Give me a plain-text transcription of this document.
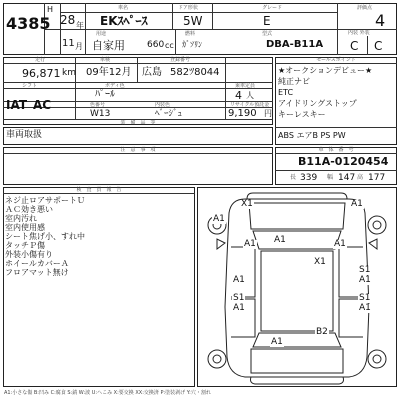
4385
H
28 年
11 月
車名
EKｽﾍﾟｰｽ
ドア形状
5W
グレード
E
評価点
4
用途
自家用 660 cc
燃料
ｶﾞｿﾘﾝ
型式
DBA-B11A
内装 外装
C C
走行	車検	登録番号
96,871 km 09年12月 広島 582ﾂ8044
ボディ色	乗車定員
ﾊﾟｰﾙ	4 人
シフト
IAT AC	色番号	内装色	リサイクル預託金
W13	ﾍﾞｰｼﾞｭ	9,190 円
装　備　品　等
車両取扱
セールスポイント
★オークションデビュー★
純正ナビ
ETC
アイドリングストップ
キーレスキー
ABS エアB PS PW
注　意　事　項	車　体　番　号
B11A-0120454
長 339 幅 147 高 177
検　査　員　報　告
ネジ止ロアサポートＵ
ＡＣ効き悪い
室内汚れ
室内使用感
シート焦げ小、すれ中
タッチＰ傷
外装小傷有り
ホイールカバーＡ
フロアマット無け
X1	A1
A1
A1
X1
A1	A1
A1
S1
A1
S1
A1
S1
A1
B2
A1
A1:小さな傷 B:凹み C:腐食 S:錆 W:波 U:へこみ X:要交換 XX:交換済 P:塗装剥げ Y:穴・割れ
